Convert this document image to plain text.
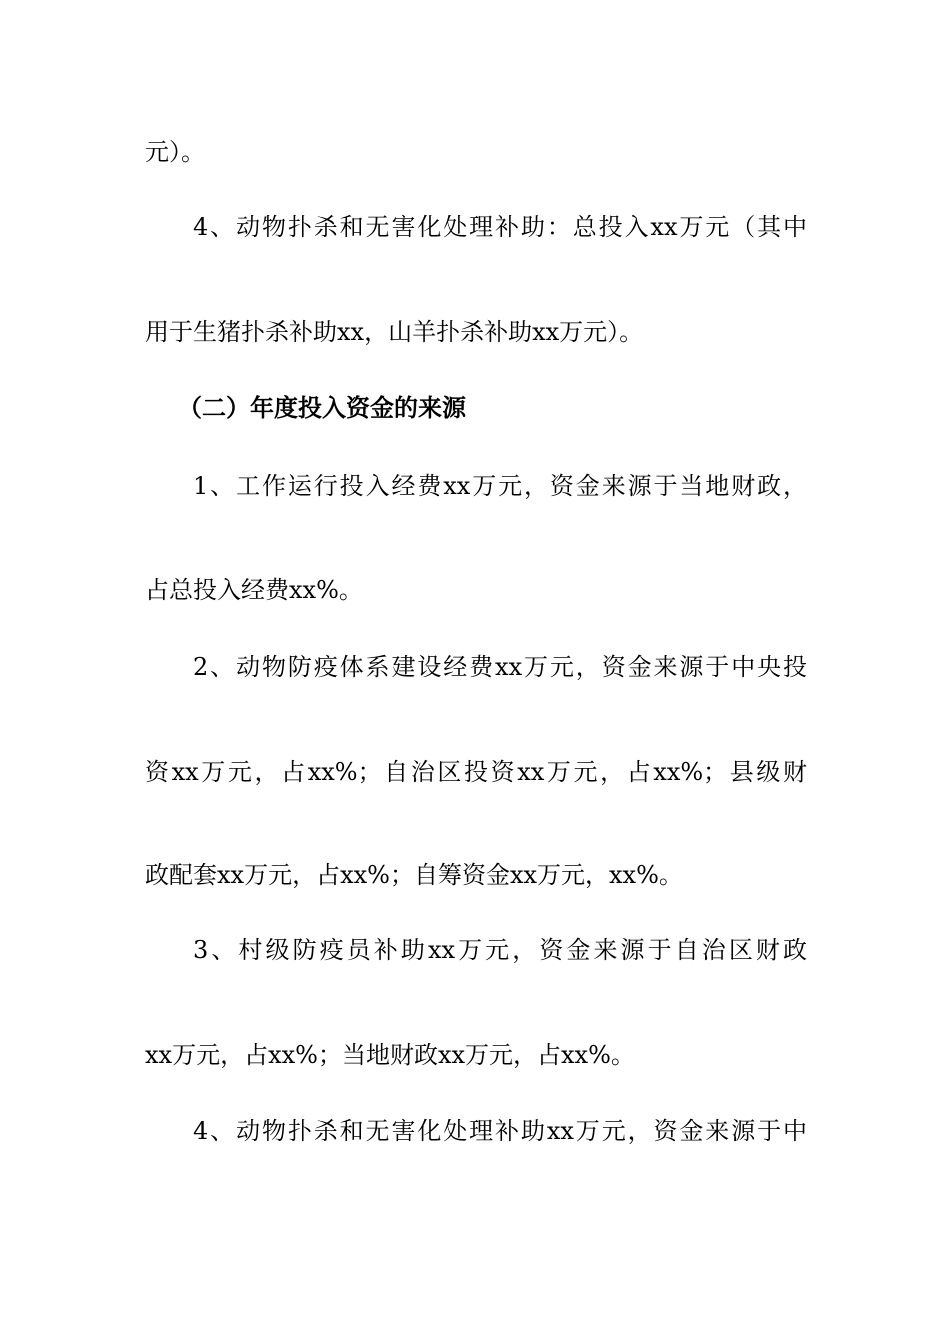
元）。
4、动物扑杀和无害化处理补助：总投入xx万元（其中
用于生猪扑杀补助xx，山羊扑杀补助xx万元）。
（二）年度投入资金的来源
1、工作运行投入经费xx万元，资金来源于当地财政，
占总投入经费xx%。
2、动物防疫体系建设经费xx万元，资金来源于中央投
资xx万元，占xx%；自治区投资xx万元，占xx%；县级财
政配套xx万元，占xx%；自筹资金xx万元，xx%。
3、村级防疫员补助xx万元，资金来源于自治区财政
xx万元，占xx%；当地财政xx万元，占xx%。
4、动物扑杀和无害化处理补助xx万元，资金来源于中
